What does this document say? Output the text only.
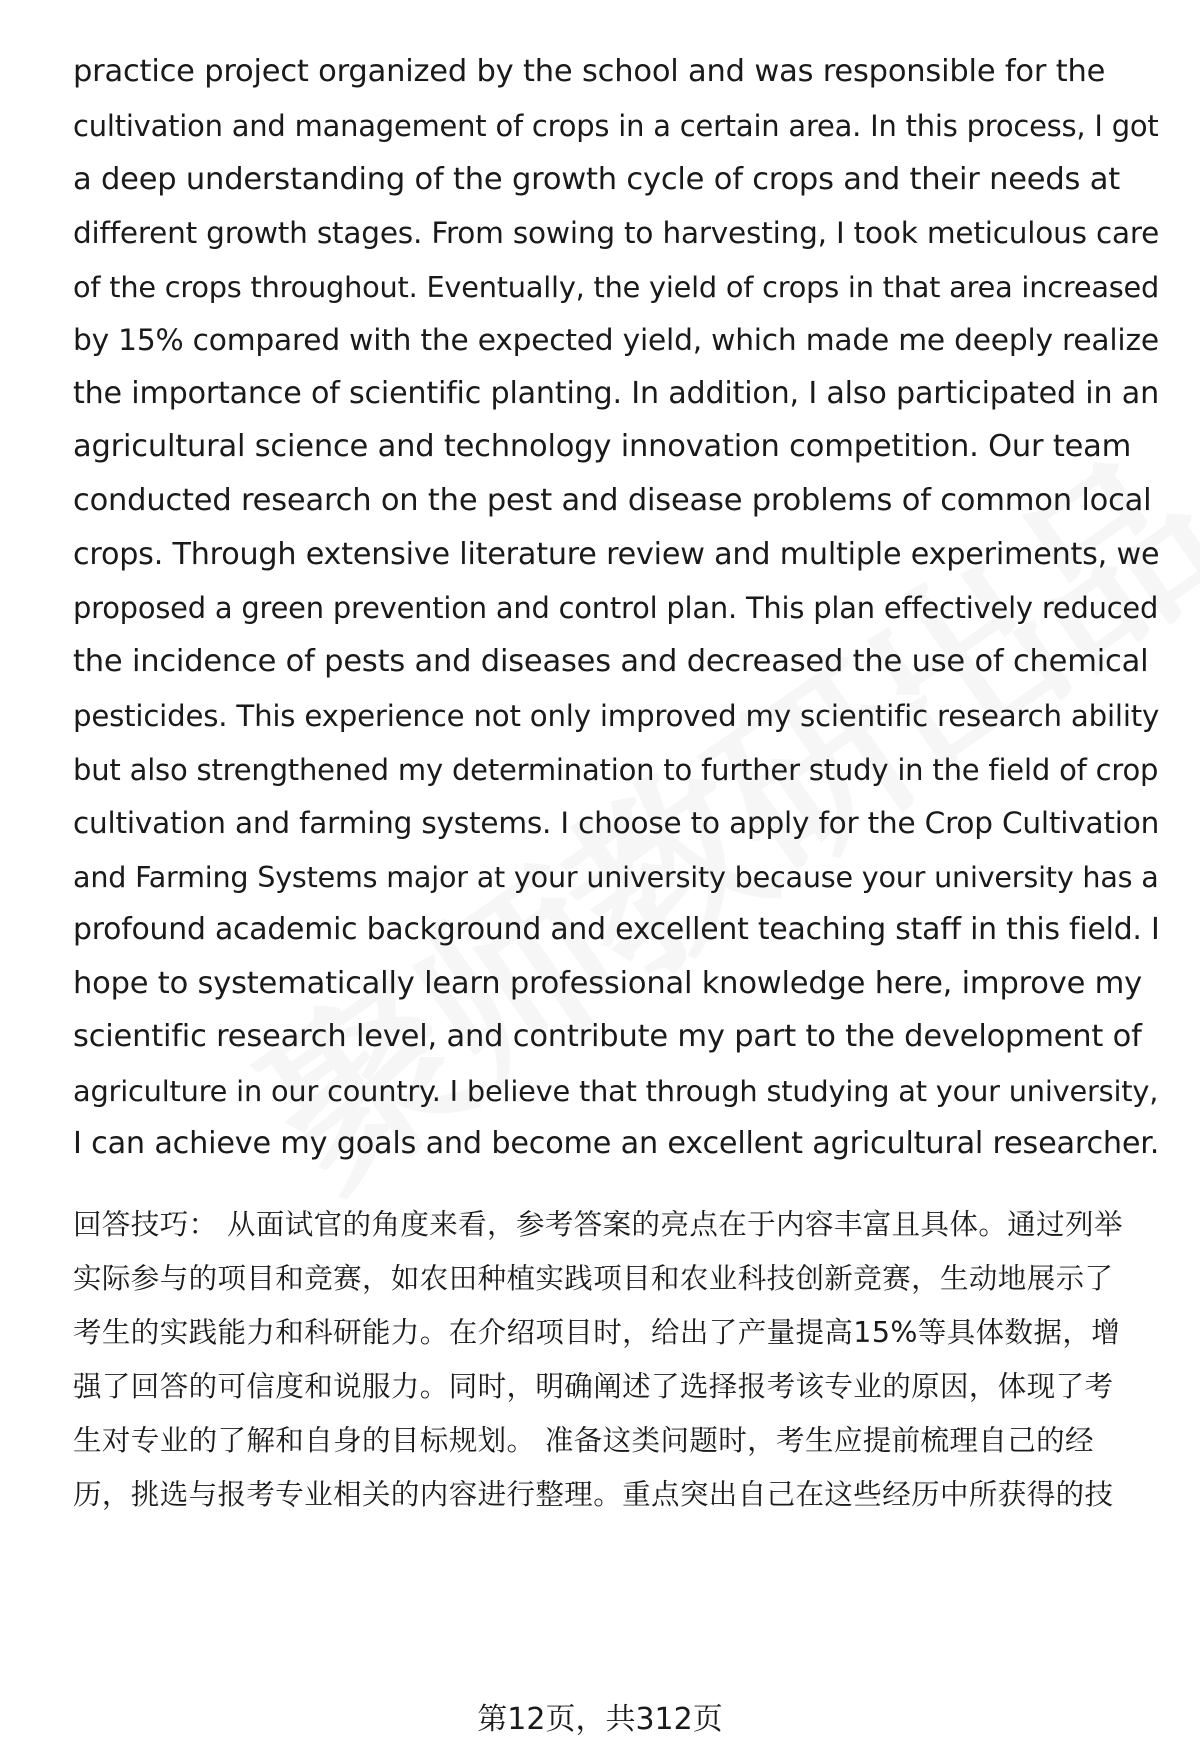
practice project organized by the school and was responsible for the
cultivation and management of crops in a certain area. In this process, I got
a deep understanding of the growth cycle of crops and their needs at
different growth stages. From sowing to harvesting, I took meticulous care
of the crops throughout. Eventually, the yield of crops in that area increased
by 15% compared with the expected yield, which made me deeply realize
the importance of scientific planting. In addition, I also participated in an
agricultural science and technology innovation competition. Our team
conducted research on the pest and disease problems of common local
crops. Through extensive literature review and multiple experiments, we
proposed a green prevention and control plan. This plan effectively reduced
the incidence of pests and diseases and decreased the use of chemical
pesticides. This experience not only improved my scientific research ability
but also strengthened my determination to further study in the field of crop
cultivation and farming systems. I choose to apply for the Crop Cultivation
and Farming Systems major at your university because your university has a
profound academic background and excellent teaching staff in this field. I
hope to systematically learn professional knowledge here, improve my
scientific research level, and contribute my part to the development of
agriculture in our country. I believe that through studying at your university,
I can achieve my goals and become an excellent agricultural researcher.
回答技巧： 从面试官的角度来看，参考答案的亮点在于内容丰富且具体。通过列举
实际参与的项目和竞赛，如农田种植实践项目和农业科技创新竞赛，生动地展示了
考生的实践能力和科研能力。在介绍项目时，给出了产量提高15%等具体数据，增
强了回答的可信度和说服力。同时，明确阐述了选择报考该专业的原因，体现了考
生对专业的了解和自身的目标规划。 准备这类问题时，考生应提前梳理自己的经
历，挑选与报考专业相关的内容进行整理。重点突出自己在这些经历中所获得的技
第12页，共312页
